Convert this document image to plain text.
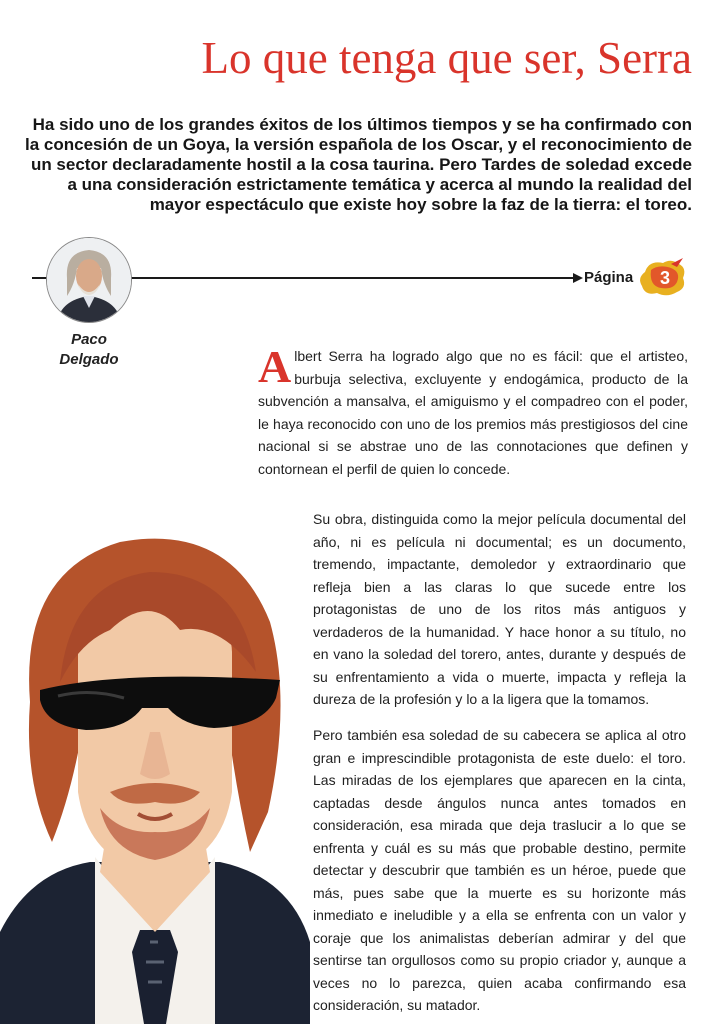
Lo que tenga que ser, Serra

Ha sido uno de los grandes éxitos de los últimos tiempos y se ha confirmado con la concesión de un Goya, la versión española de los Oscar, y el reconocimiento de un sector declaradamente hostil a la cosa taurina. Pero Tardes de soledad excede a una consideración estrictamente temática y acerca al mundo la realidad del mayor espectáculo que existe hoy sobre la faz de la tierra: el toreo.

Paco Delgado

Página	3

Albert Serra ha logrado algo que no es fácil: que el artisteo, burbuja selectiva, excluyente y endogámica, producto de la subvención a mansalva, el amiguismo y el compadreo con el poder, le haya reconocido con uno de los premios más prestigiosos del cine nacional si se abstrae uno de las connotaciones que definen y contornean el perfil de quien lo concede.

Su obra, distinguida como la mejor película documental del año, ni es película ni documental; es un documento, tremendo, impactante, demoledor y extraordinario que refleja bien a las claras lo que sucede entre los protagonistas de uno de los ritos más antiguos y verdaderos de la humanidad. Y hace honor a su título, no en vano la soledad del torero, antes, durante y después de su enfrentamiento a vida o muerte, impacta y refleja la dureza de la profesión y lo a la ligera que la tomamos.

Pero también esa soledad de su cabecera se aplica al otro gran e imprescindible protagonista de este duelo: el toro. Las miradas de los ejemplares que aparecen en la cinta, captadas desde ángulos nunca antes tomados en consideración, esa mirada que deja traslucir a lo que se enfrenta y cuál es su más que probable destino, permite detectar y descubrir que también es un héroe, puede que más, pues sabe que la muerte es su horizonte más inmediato e ineludible y a ella se enfrenta con un valor y coraje que los animalistas deberían admirar y del que sentirse tan orgullosos como su propio criador y, aunque a veces no lo parezca, quien acaba confirmando esa consideración, su matador.
